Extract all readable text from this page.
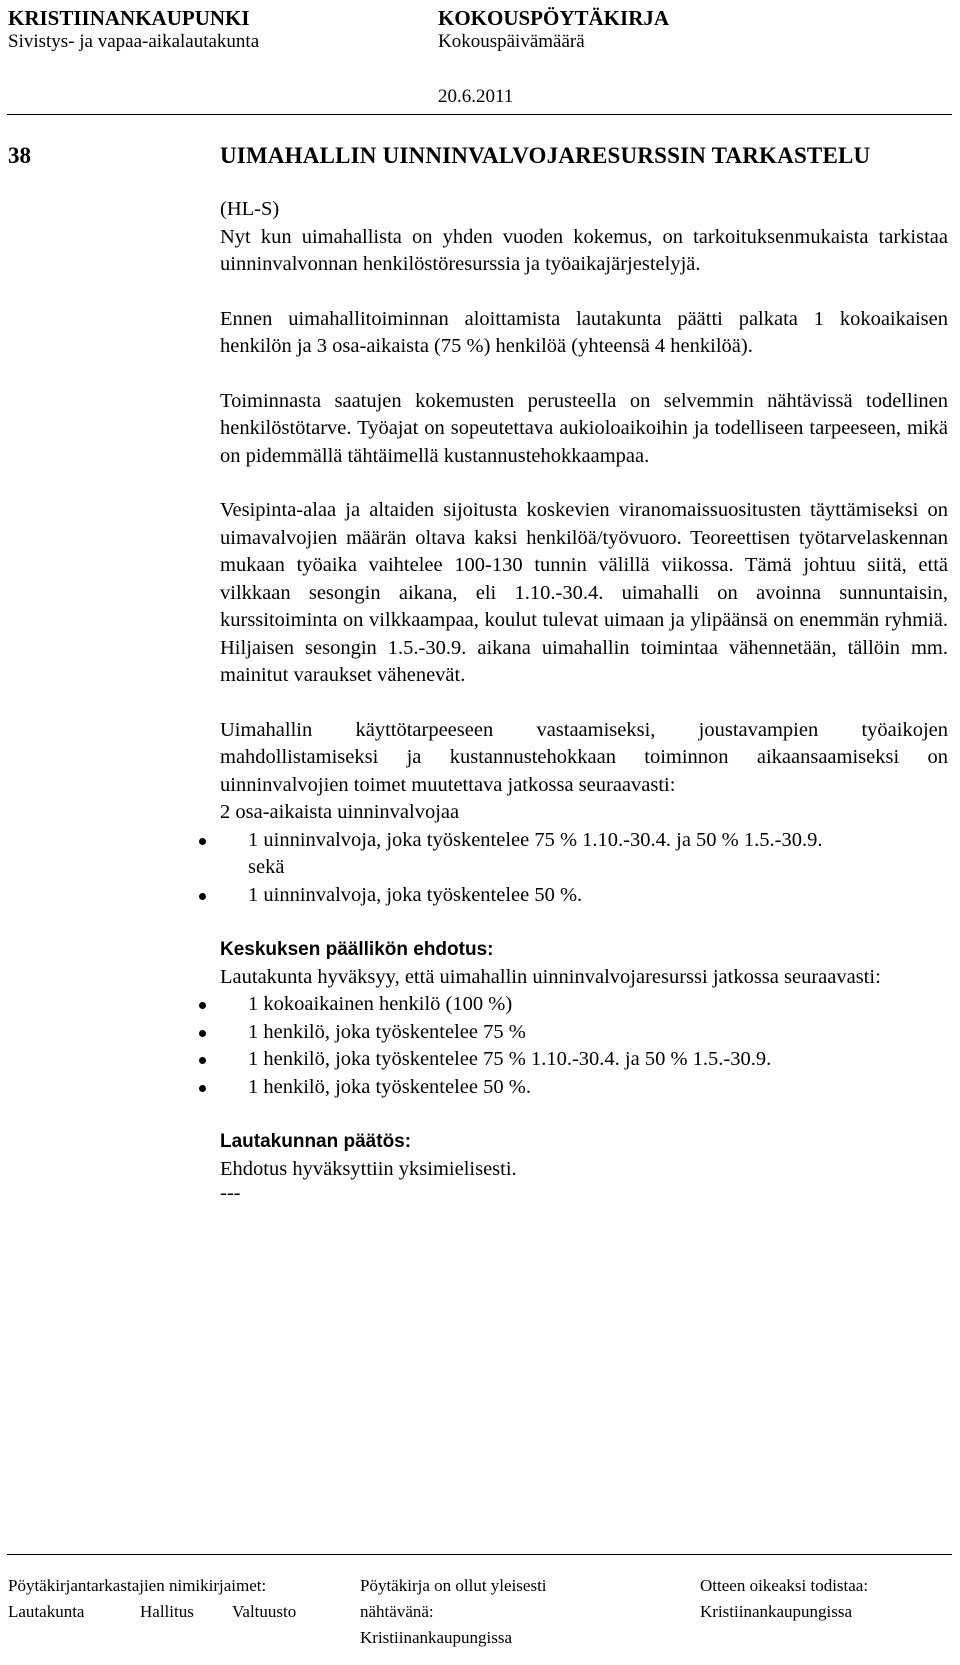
KRISTIINANKAUPUNKI	KOKOUSPÖYTÄKIRJA
Sivistys- ja vapaa-aikalautakunta	Kokouspäivämäärä
20.6.2011
38	UIMAHALLIN UINNINVALVOJARESURSSIN TARKASTELU

(HL-S)

Nyt kun uimahallista on yhden vuoden kokemus, on tarkoituksenmukaista tarkistaa uinninvalvonnan henkilöstöresurssia ja työaikajärjestelyjä.

Ennen uimahallitoiminnan aloittamista lautakunta päätti palkata 1 kokoaikaisen henkilön ja 3 osa-aikaista (75 %) henkilöä (yhteensä 4 henkilöä).

Toiminnasta saatujen kokemusten perusteella on selvemmin nähtävissä todellinen henkilöstötarve. Työajat on sopeutettava aukioloaikoihin ja todelliseen tarpeeseen, mikä on pidemmällä tähtäimellä kustannustehokkaampaa.

Vesipinta-alaa ja altaiden sijoitusta koskevien viranomaissuositusten täyttämiseksi on uimavalvojien määrän oltava kaksi henkilöä/työvuoro. Teoreettisen työtarvelaskennan mukaan työaika vaihtelee 100-130 tunnin välillä viikossa. Tämä johtuu siitä, että vilkkaan sesongin aikana, eli 1.10.-30.4. uimahalli on avoinna sunnuntaisin, kurssitoiminta on vilkkaampaa, koulut tulevat uimaan ja ylipäänsä on enemmän ryhmiä. Hiljaisen sesongin 1.5.-30.9. aikana uimahallin toimintaa vähennetään, tällöin mm. mainitut varaukset vähenevät.

Uimahallin käyttötarpeeseen vastaamiseksi, joustavampien työaikojen mahdollistamiseksi ja kustannustehokkaan toiminnon aikaansaamiseksi on uinninvalvojien toimet muutettava jatkossa seuraavasti:

2 osa-aikaista uinninvalvojaa

1 uinninvalvoja, joka työskentelee 75 % 1.10.-30.4. ja 50 % 1.5.-30.9.
sekä
1 uinninvalvoja, joka työskentelee 50 %.

Keskuksen päällikön ehdotus:

Lautakunta hyväksyy, että uimahallin uinninvalvojaresurssi jatkossa seuraavasti:

1 kokoaikainen henkilö (100 %)
1 henkilö, joka työskentelee 75 %
1 henkilö, joka työskentelee 75 % 1.10.-30.4. ja 50 % 1.5.-30.9.
1 henkilö, joka työskentelee 50 %.

Lautakunnan päätös:

Ehdotus hyväksyttiin yksimielisesti.

---

Pöytäkirjantarkastajien nimikirjaimet:
Lautakunta	Hallitus Valtuusto
Pöytäkirja on ollut yleisesti
nähtävänä:
Kristiinankaupungissa
Otteen oikeaksi todistaa:
Kristiinankaupungissa
